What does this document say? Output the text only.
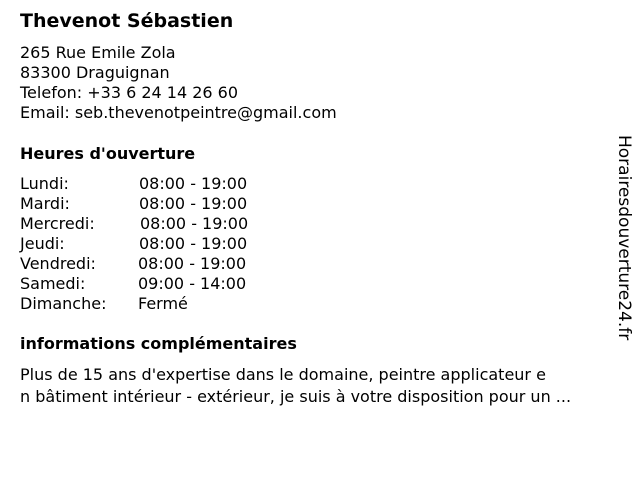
Thevenot Sébastien
265 Rue Emile Zola
83300 Draguignan
Telefon: +33 6 24 14 26 60
Email: seb.thevenotpeintre@gmail.com
Heures d'ouverture
Lundi:	08:00 - 19:00
Mardi:	08:00 - 19:00
Mercredi:	08:00 - 19:00
Jeudi:	08:00 - 19:00
Vendredi:	08:00 - 19:00
Samedi:	09:00 - 14:00
Dimanche: Fermé
informations complémentaires
Plus de 15 ans d'expertise dans le domaine, peintre applicateur e
n bâtiment intérieur - extérieur, je suis à votre disposition pour un ...
Horairesdouverture24.fr
